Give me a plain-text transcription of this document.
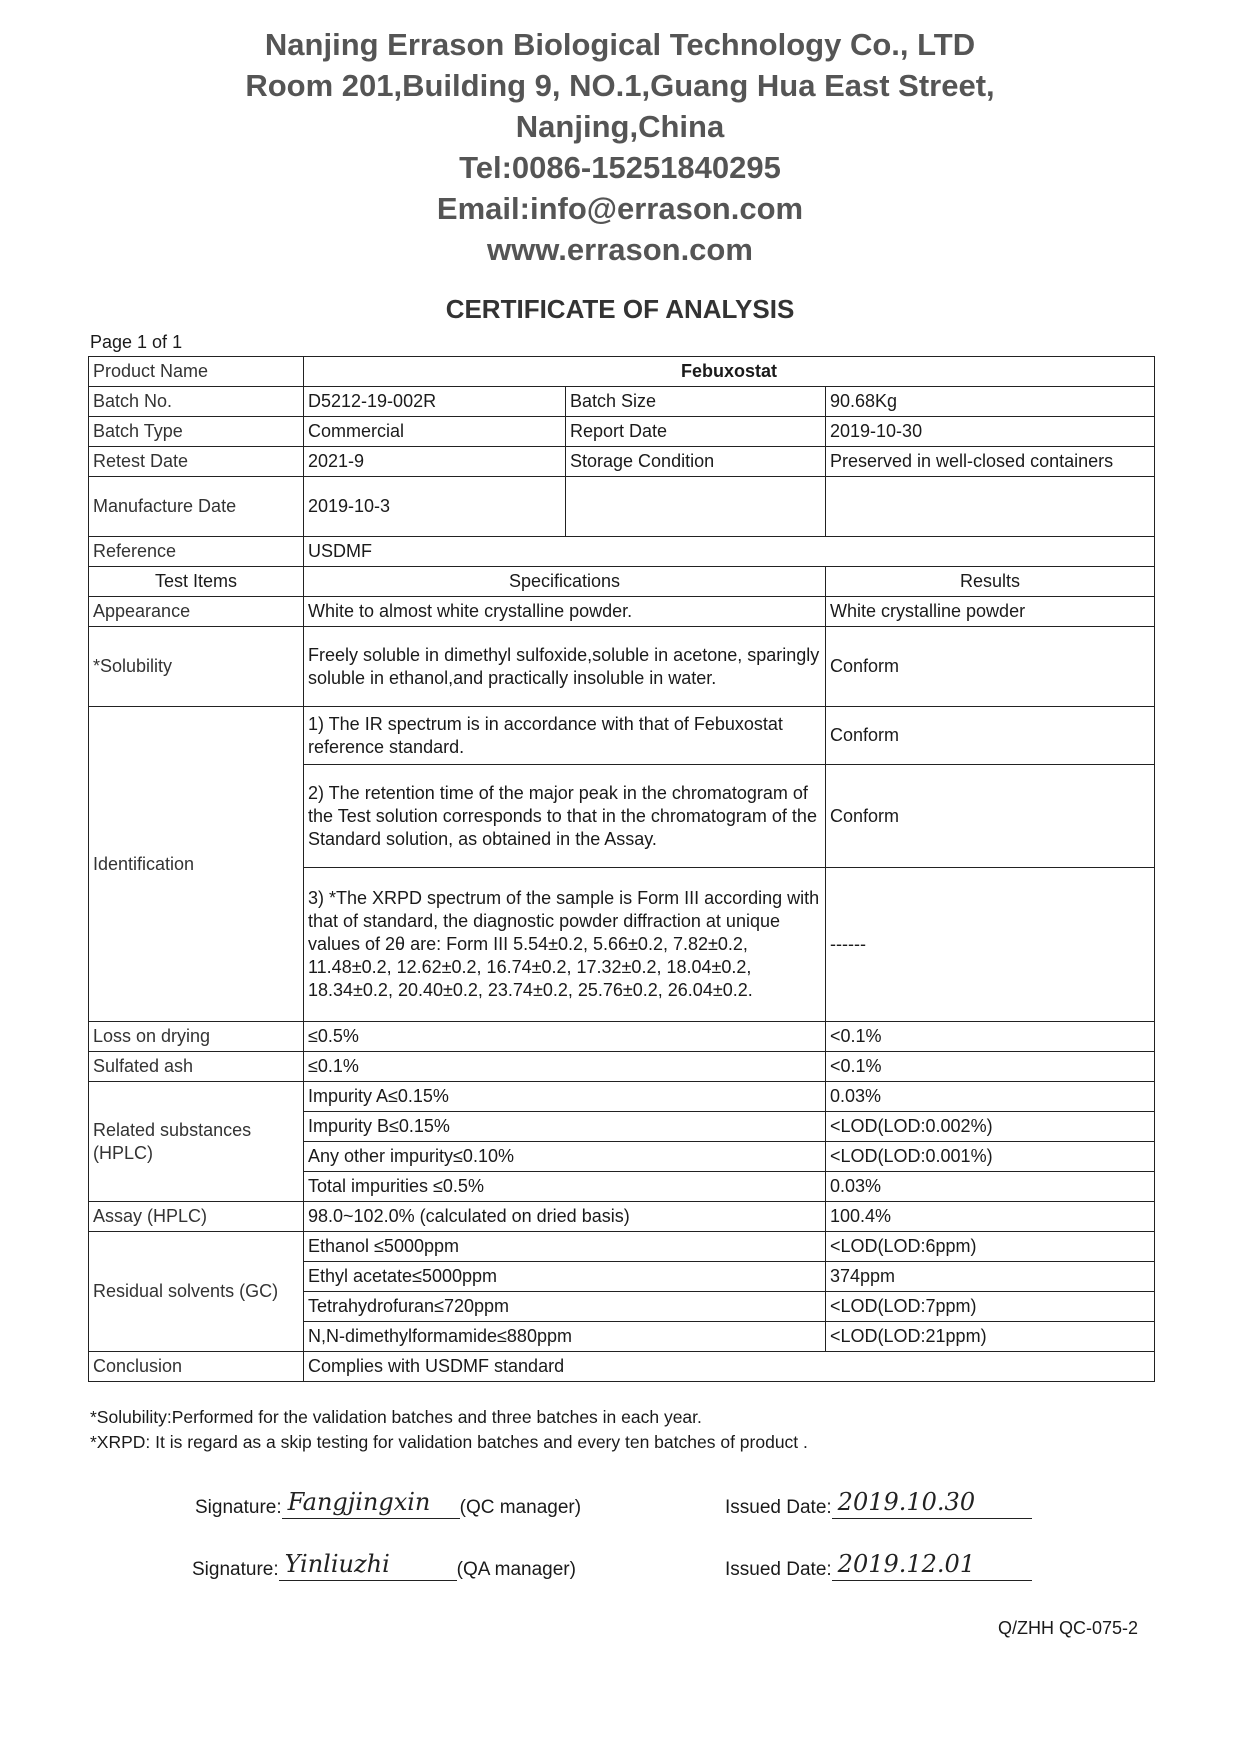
Nanjing Errason Biological Technology Co., LTD
Room 201,Building 9, NO.1,Guang Hua East Street,
Nanjing,China
Tel:0086-15251840295
Email:info@errason.com
www.errason.com
CERTIFICATE OF ANALYSIS
Page 1 of 1
Product Name	Febuxostat		
Batch No.	D5212-19-002R	Batch Size	90.68Kg
Batch Type	Commercial	Report Date	2019-10-30
Retest Date	2021-9	Storage Condition	Preserved in well-closed containers
Manufacture Date	2019-10-3		
Reference	USDMF		
Test Items	Specifications		Results
Appearance	White to almost white crystalline powder.		White crystalline powder
*Solubility	Freely soluble in dimethyl sulfoxide,soluble in acetone, sparingly soluble in ethanol,and practically insoluble in water.		Conform
Identification	1) The IR spectrum is in accordance with that of Febuxostat reference standard.		Conform
	2) The retention time of the major peak in the chromatogram of the Test solution corresponds to that in the chromatogram of the Standard solution, as obtained in the Assay.		Conform
	3) *The XRPD spectrum of the sample is Form III according with that of standard, the diagnostic powder diffraction at unique values of 2θ are: Form III 5.54±0.2, 5.66±0.2, 7.82±0.2, 11.48±0.2, 12.62±0.2, 16.74±0.2, 17.32±0.2, 18.04±0.2, 18.34±0.2, 20.40±0.2, 23.74±0.2, 25.76±0.2, 26.04±0.2.		------
Loss on drying	≤0.5%		<0.1%
Sulfated ash	≤0.1%		<0.1%
Related substances (HPLC)	Impurity A≤0.15%		0.03%
	Impurity B≤0.15%		<LOD(LOD:0.002%)
	Any other impurity≤0.10%		<LOD(LOD:0.001%)
	Total impurities ≤0.5%		0.03%
Assay (HPLC)	98.0~102.0% (calculated on dried basis)		100.4%
Residual solvents (GC)	Ethanol ≤5000ppm		<LOD(LOD:6ppm)
	Ethyl acetate≤5000ppm		374ppm
	Tetrahydrofuran≤720ppm		<LOD(LOD:7ppm)
	N,N-dimethylformamide≤880ppm		<LOD(LOD:21ppm)
Conclusion	Complies with USDMF standard		
*Solubility:Performed for the validation batches and three batches in each year.
*XRPD: It is regard as a skip testing for validation batches and every ten batches of product .
Signature: Fangjingxin (QC manager)	Issued Date: 2019.10.30
Signature: Yinliuzhi	(QA manager)	Issued Date: 2019.12.01
Q/ZHH QC-075-2
